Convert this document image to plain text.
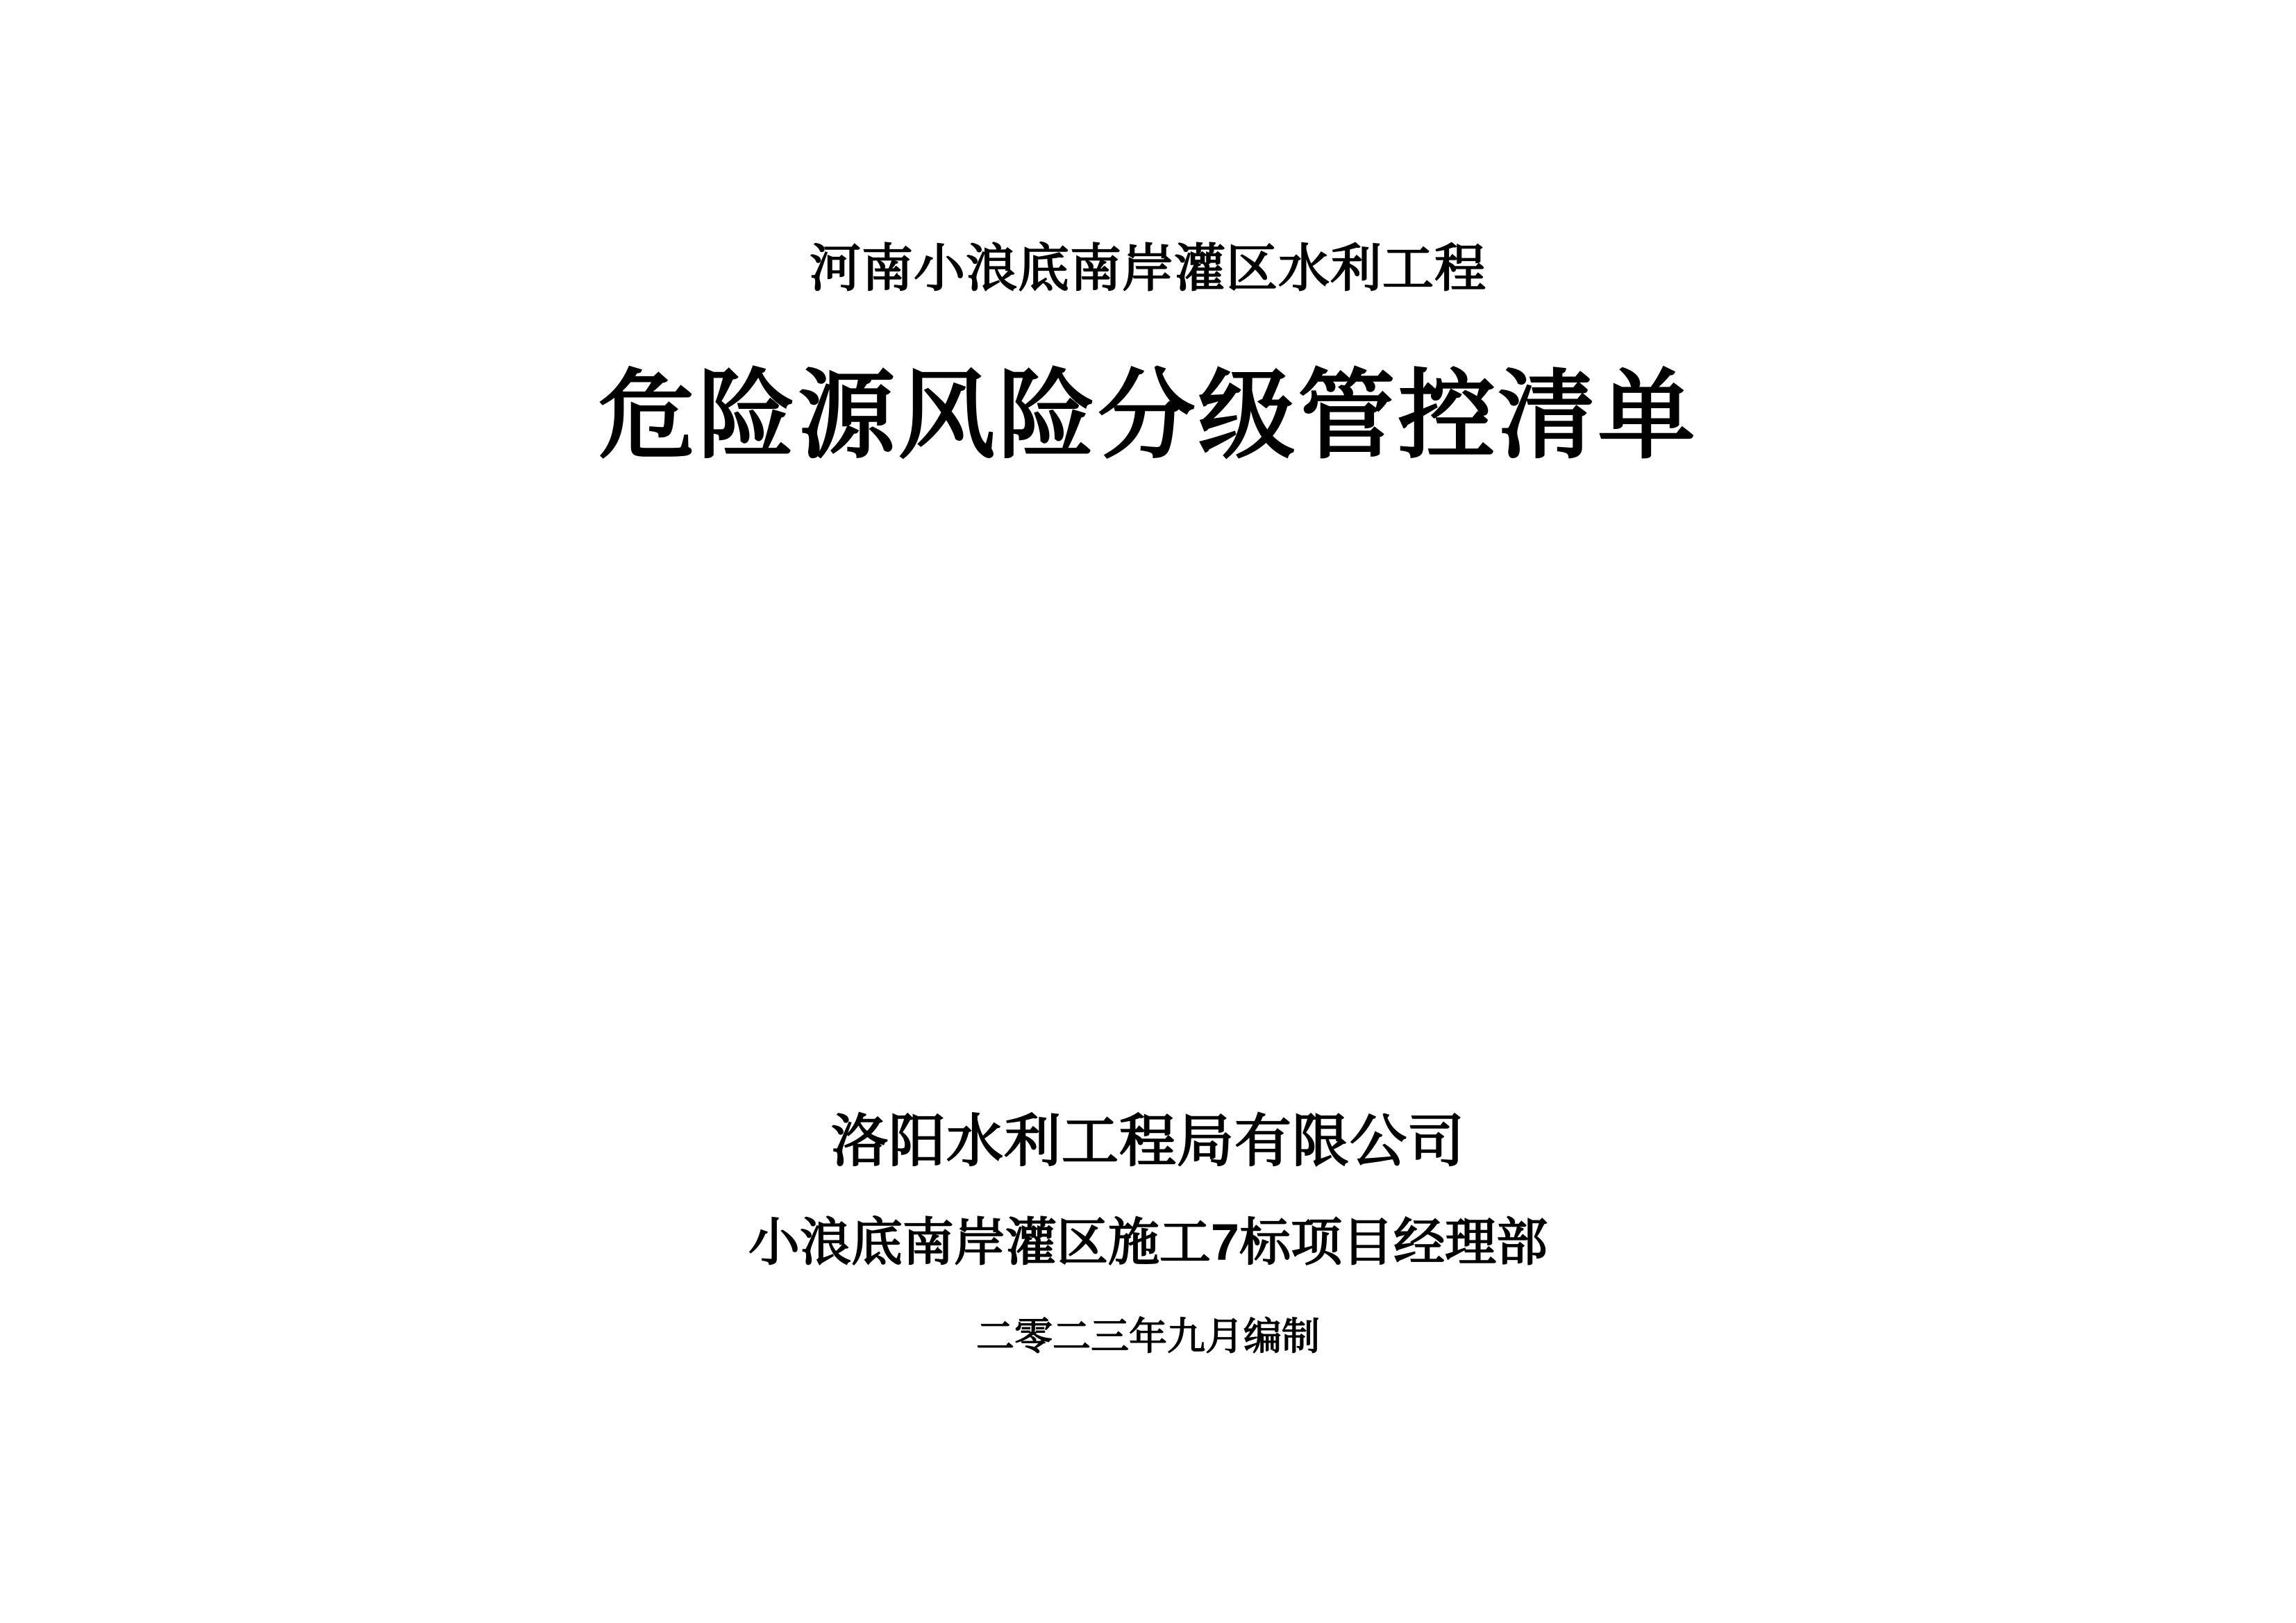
河南小浪底南岸灌区水利工程
危险源风险分级管控清单
洛阳水利工程局有限公司
小浪底南岸灌区施工7标项目经理部
二零二三年九月编制
